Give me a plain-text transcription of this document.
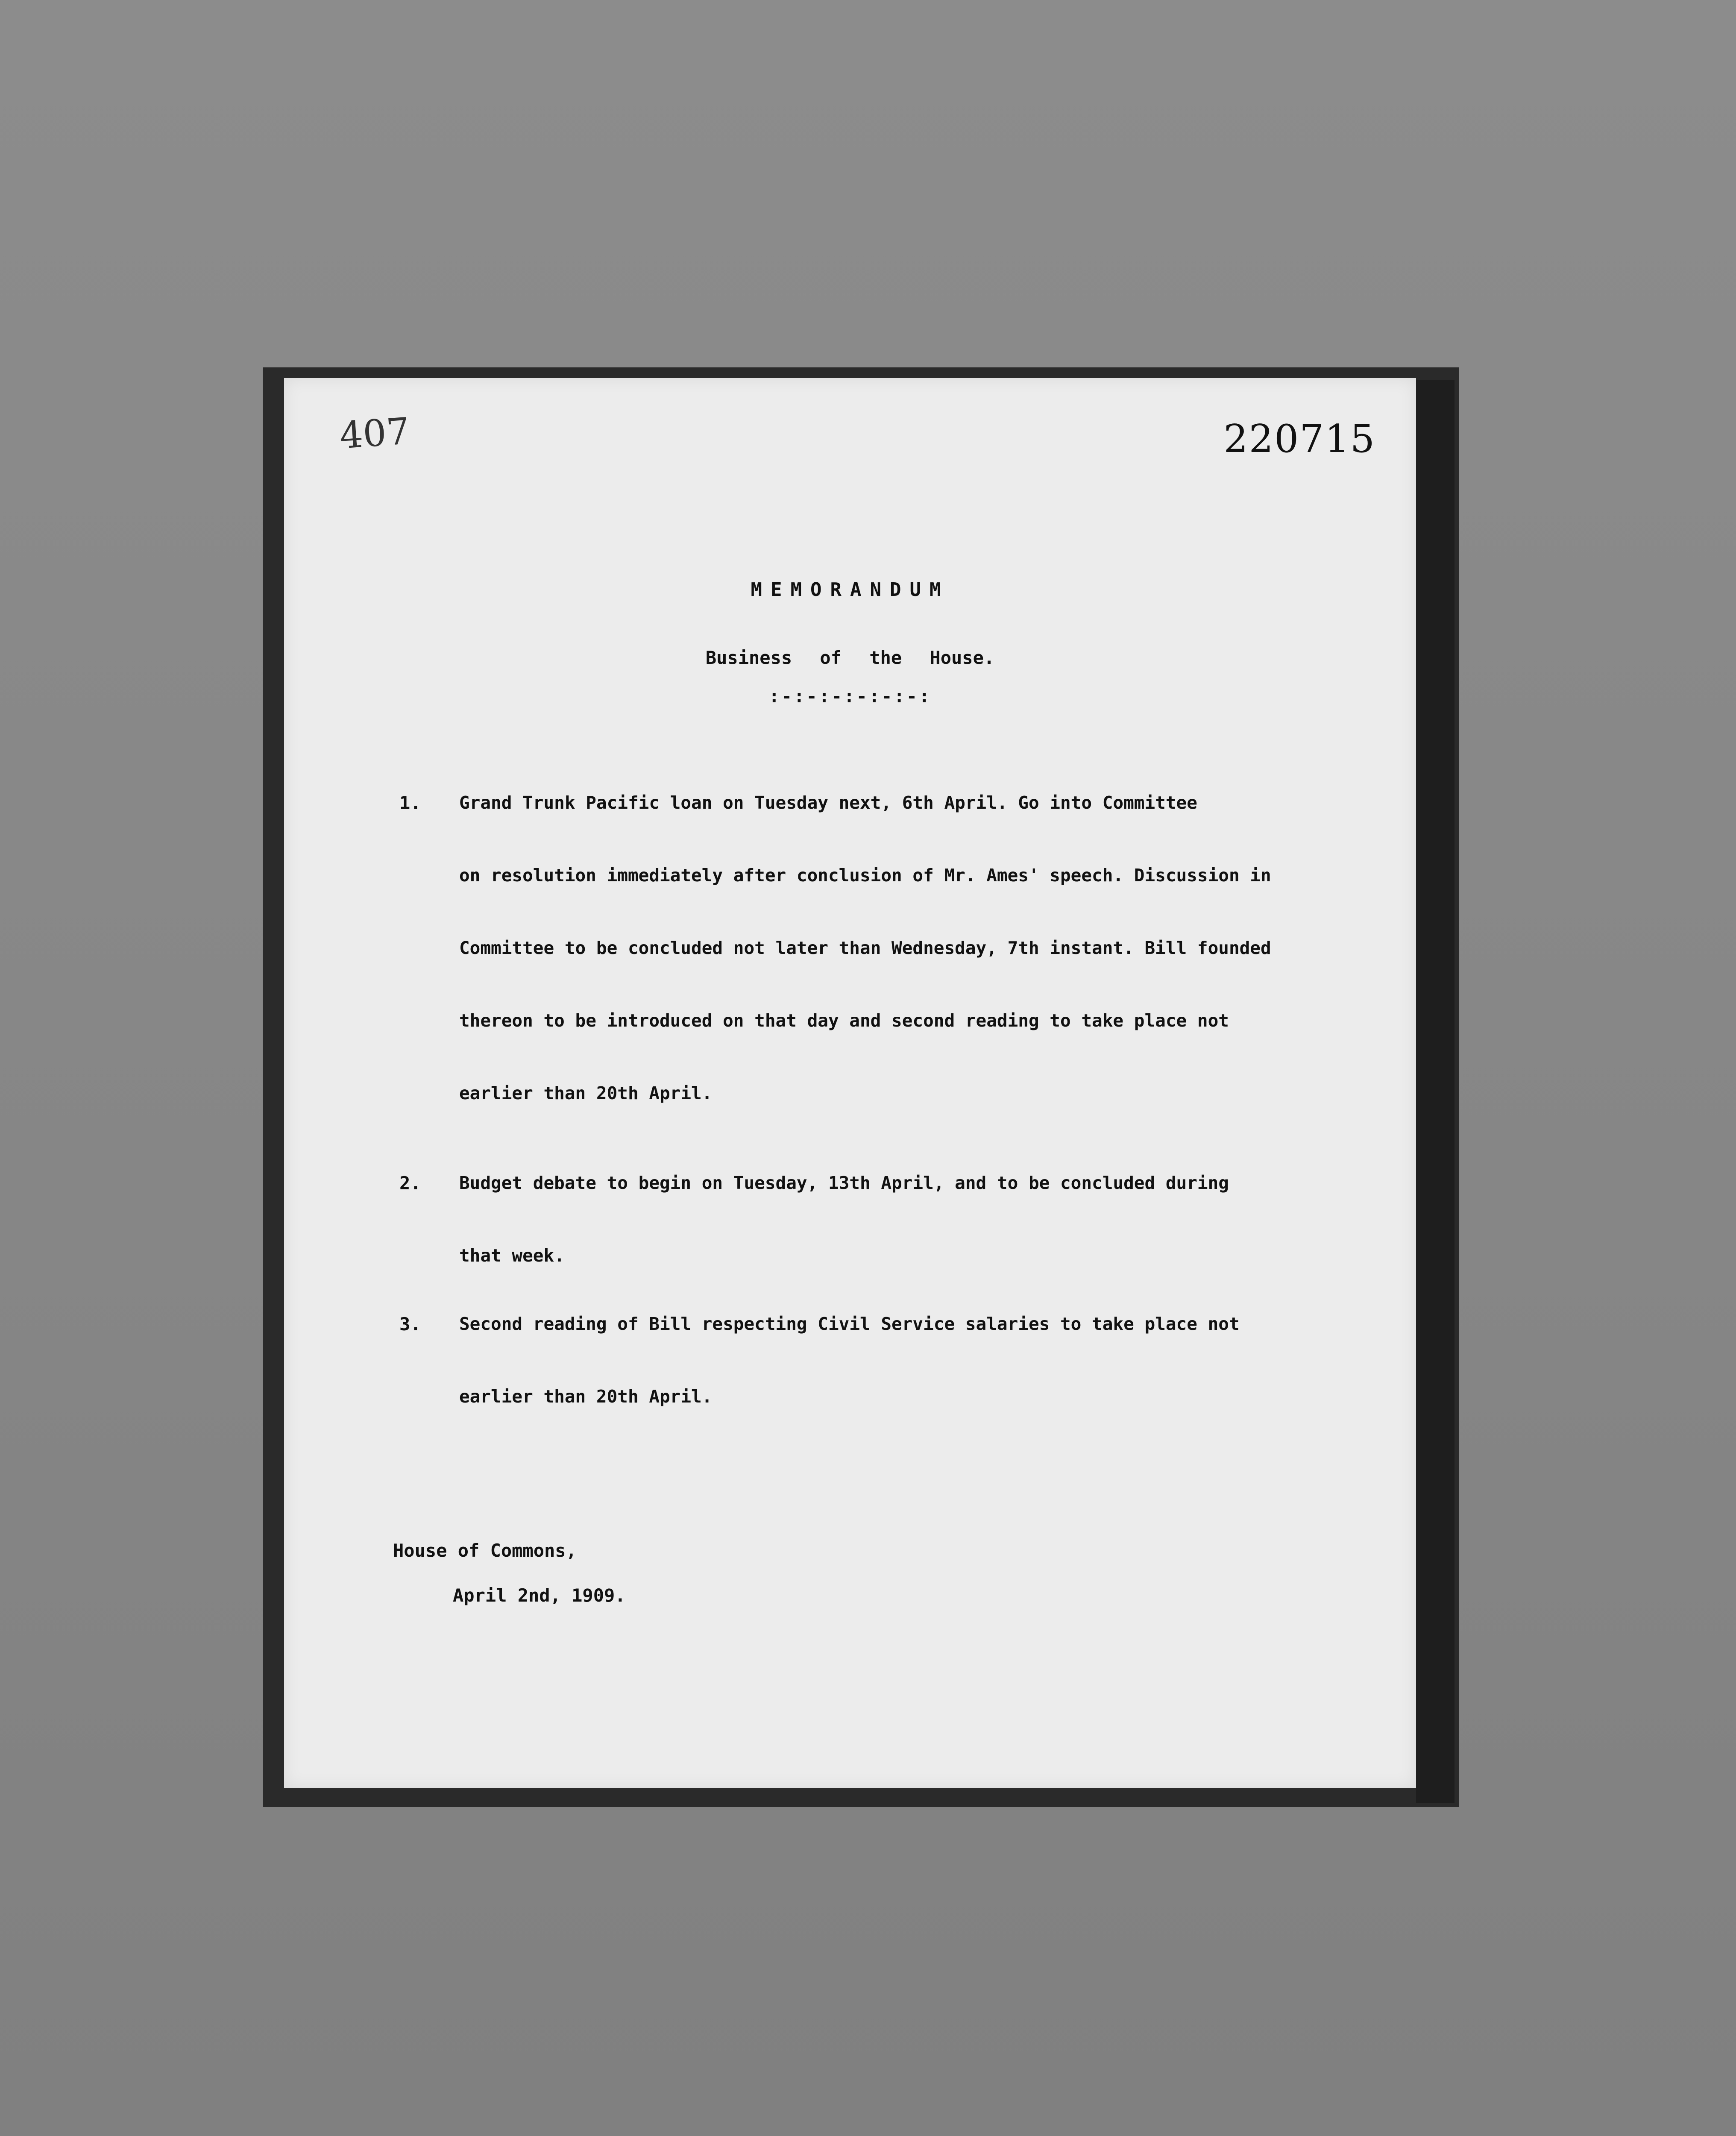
407	220715
MEMORANDUM
Business of the House.
:-:-:-:-:-:-:
1. Grand Trunk Pacific loan on Tuesday next, 6th April. Go into Committee
on resolution immediately after conclusion of Mr. Ames' speech. Discussion in
Committee to be concluded not later than Wednesday, 7th instant. Bill founded
thereon to be introduced on that day and second reading to take place not
earlier than 20th April.
2. Budget debate to begin on Tuesday, 13th April, and to be concluded during
that week.
3. Second reading of Bill respecting Civil Service salaries to take place not
earlier than 20th April.
House of Commons,
April 2nd, 1909.
